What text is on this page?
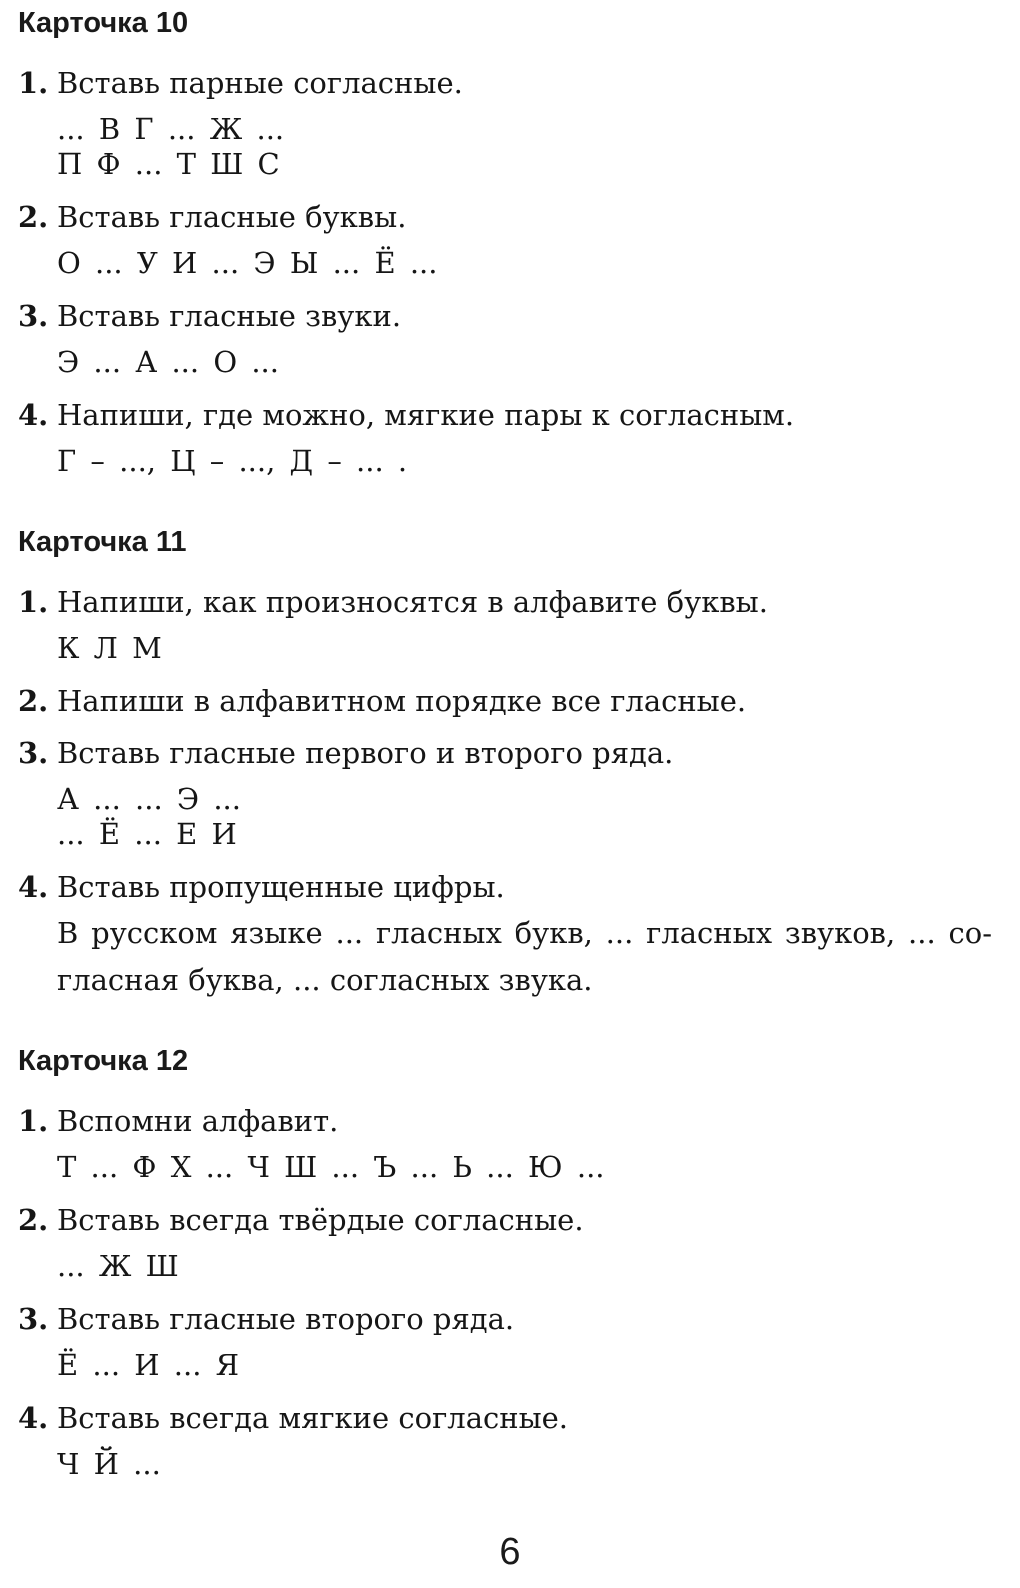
Карточка 10
1. Вставь парные согласные.
... В Г ... Ж ...
П Ф ... Т Ш С
2. Вставь гласные буквы.
О ... У И ... Э Ы ... Ё ...
3. Вставь гласные звуки.
Э ... А ... О ...
4. Напиши, где можно, мягкие пары к согласным.
Г – ..., Ц – ..., Д – ... .
Карточка 11
1. Напиши, как произносятся в алфавите буквы.
К Л М
2. Напиши в алфавитном порядке все гласные.
3. Вставь гласные первого и второго ряда.
А ... ... Э ...
... Ё ... Е И
4. Вставь пропущенные цифры.
В русском языке ... гласных букв, ... гласных звуков, ... со-
гласная буква, ... согласных звука.
Карточка 12
1. Вспомни алфавит.
Т ... Ф Х ... Ч Ш ... Ъ ... Ь ... Ю ...
2. Вставь всегда твёрдые согласные.
... Ж Ш
3. Вставь гласные второго ряда.
Ё ... И ... Я
4. Вставь всегда мягкие согласные.
Ч Й ...
6
